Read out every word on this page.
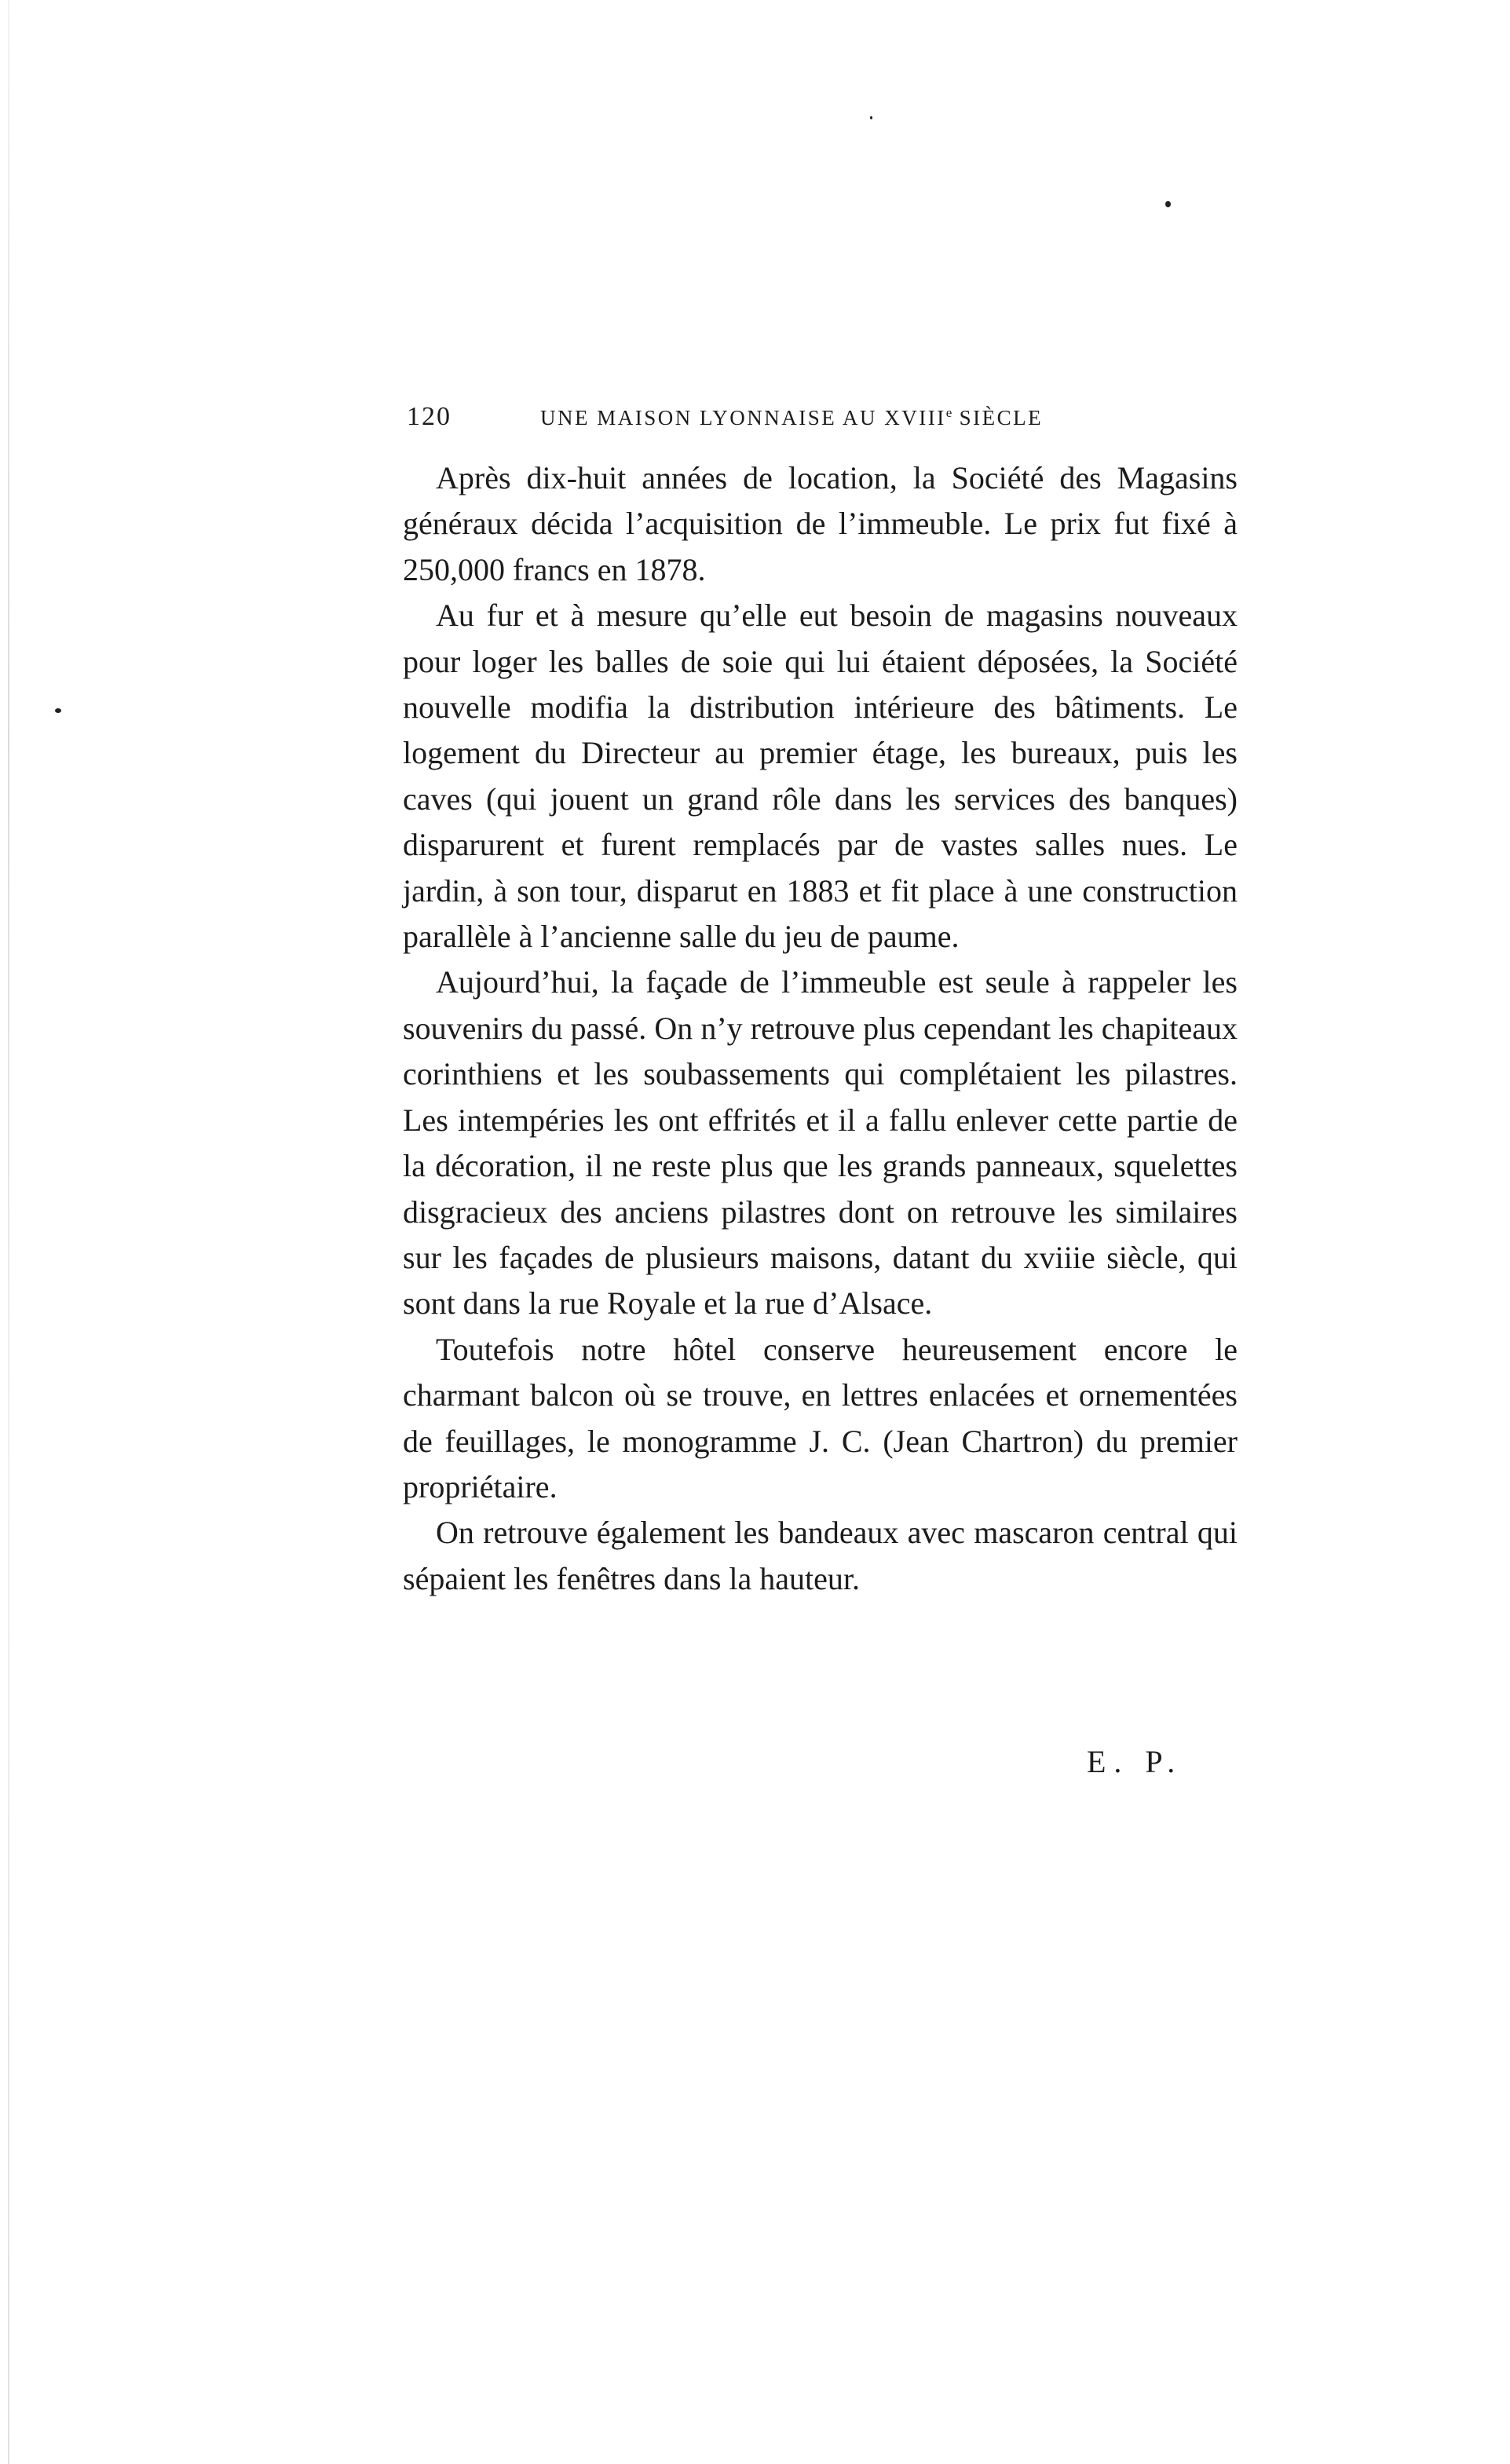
120	UNE MAISON LYONNAISE AU XVIIIe SIÈCLE

Après dix-huit années de location, la Société des Magasins généraux décida l’acquisition de l’immeuble. Le prix fut fixé à 250,000 francs en 1878.

Au fur et à mesure qu’elle eut besoin de magasins nouveaux pour loger les balles de soie qui lui étaient déposées, la Société nouvelle modifia la distribution intérieure des bâtiments. Le logement du Directeur au premier étage, les bureaux, puis les caves (qui jouent un grand rôle dans les services des banques) disparurent et furent remplacés par de vastes salles nues. Le jardin, à son tour, disparut en 1883 et fit place à une construction parallèle à l’ancienne salle du jeu de paume.

Aujourd’hui, la façade de l’immeuble est seule à rappeler les souvenirs du passé. On n’y retrouve plus cependant les chapiteaux corinthiens et les soubassements qui complétaient les pilastres. Les intempéries les ont effrités et il a fallu enlever cette partie de la décoration, il ne reste plus que les grands panneaux, squelettes disgracieux des anciens pilastres dont on retrouve les similaires sur les façades de plusieurs maisons, datant du xviiie siècle, qui sont dans la rue Royale et la rue d’Alsace.

Toutefois notre hôtel conserve heureusement encore le charmant balcon où se trouve, en lettres enlacées et ornementées de feuillages, le monogramme J. C. (Jean Chartron) du premier propriétaire.

On retrouve également les bandeaux avec mascaron central qui sépaient les fenêtres dans la hauteur.

E. P.
